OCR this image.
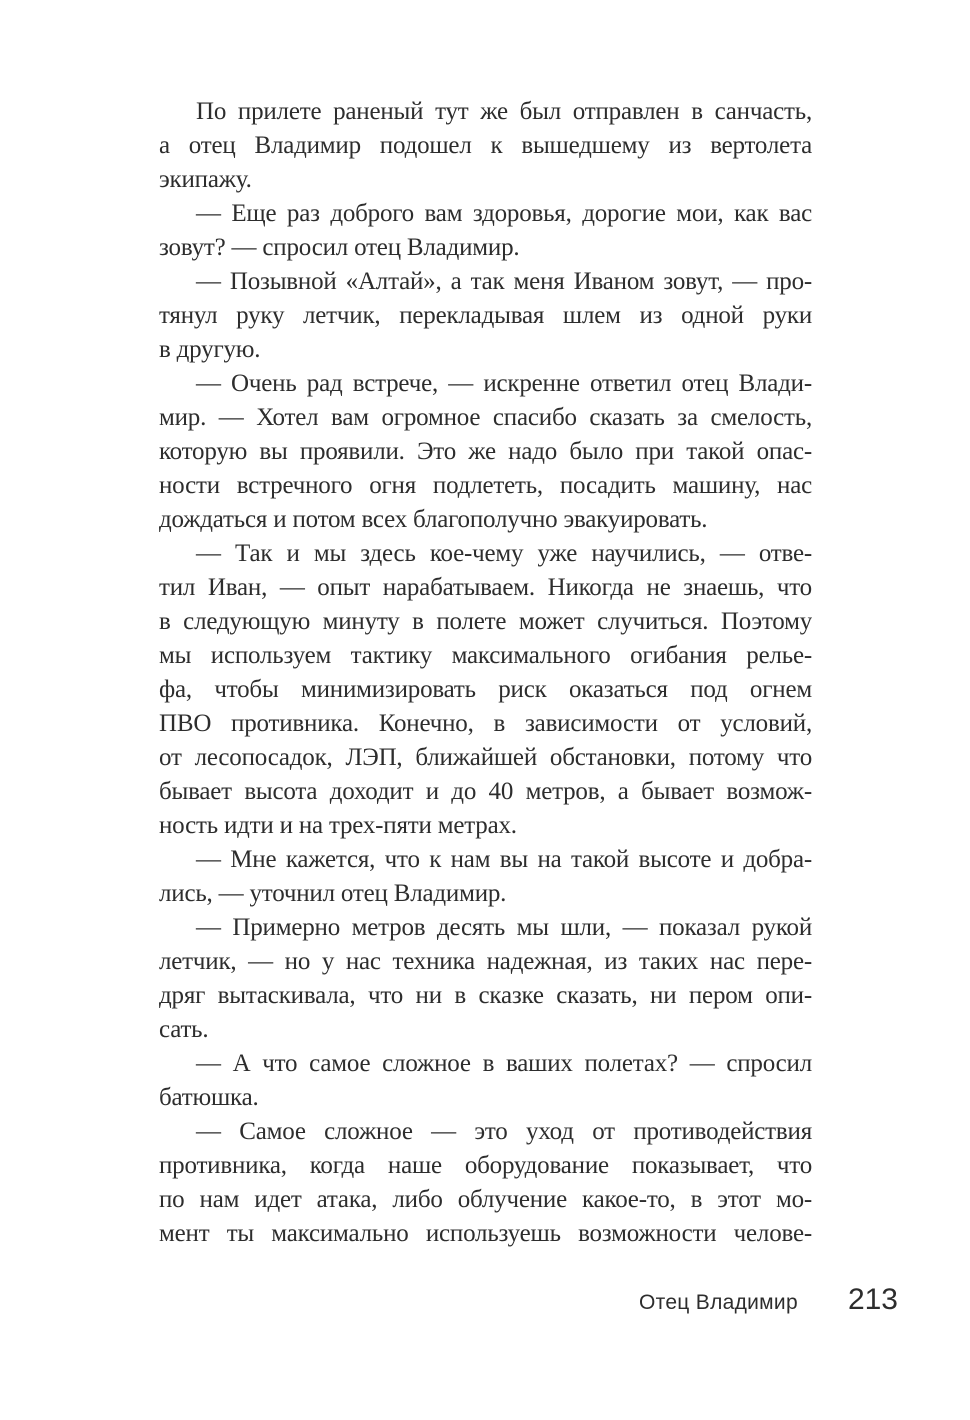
По прилете раненый тут же был отправлен в санчасть,
а отец Владимир подошел к вышедшему из вертолета
экипажу.

— Еще раз доброго вам здоровья, дорогие мои, как вас
зовут? — спросил отец Владимир.

— Позывной «Алтай», а так меня Иваном зовут, — про-
тянул руку летчик, перекладывая шлем из одной руки
в другую.

— Очень рад встрече, — искренне ответил отец Влади-
мир. — Хотел вам огромное спасибо сказать за смелость,
которую вы проявили. Это же надо было при такой опас-
ности встречного огня подлететь, посадить машину, нас
дождаться и потом всех благополучно эвакуировать.

— Так и мы здесь кое-чему уже научились, — отве-
тил Иван, — опыт нарабатываем. Никогда не знаешь, что
в следующую минуту в полете может случиться. Поэтому
мы используем тактику максимального огибания релье-
фа, чтобы минимизировать риск оказаться под огнем
ПВО противника. Конечно, в зависимости от условий,
от лесопосадок, ЛЭП, ближайшей обстановки, потому что
бывает высота доходит и до 40 метров, а бывает возмож-
ность идти и на трех-пяти метрах.

— Мне кажется, что к нам вы на такой высоте и добра-
лись, — уточнил отец Владимир.

— Примерно метров десять мы шли, — показал рукой
летчик, — но у нас техника надежная, из таких нас пере-
дряг вытаскивала, что ни в сказке сказать, ни пером опи-
сать.

— А что самое сложное в ваших полетах? — спросил
батюшка.

— Самое сложное — это уход от противодействия
противника, когда наше оборудование показывает, что
по нам идет атака, либо облучение какое-то, в этот мо-
мент ты максимально используешь возможности челове-

Отец Владимир 213
